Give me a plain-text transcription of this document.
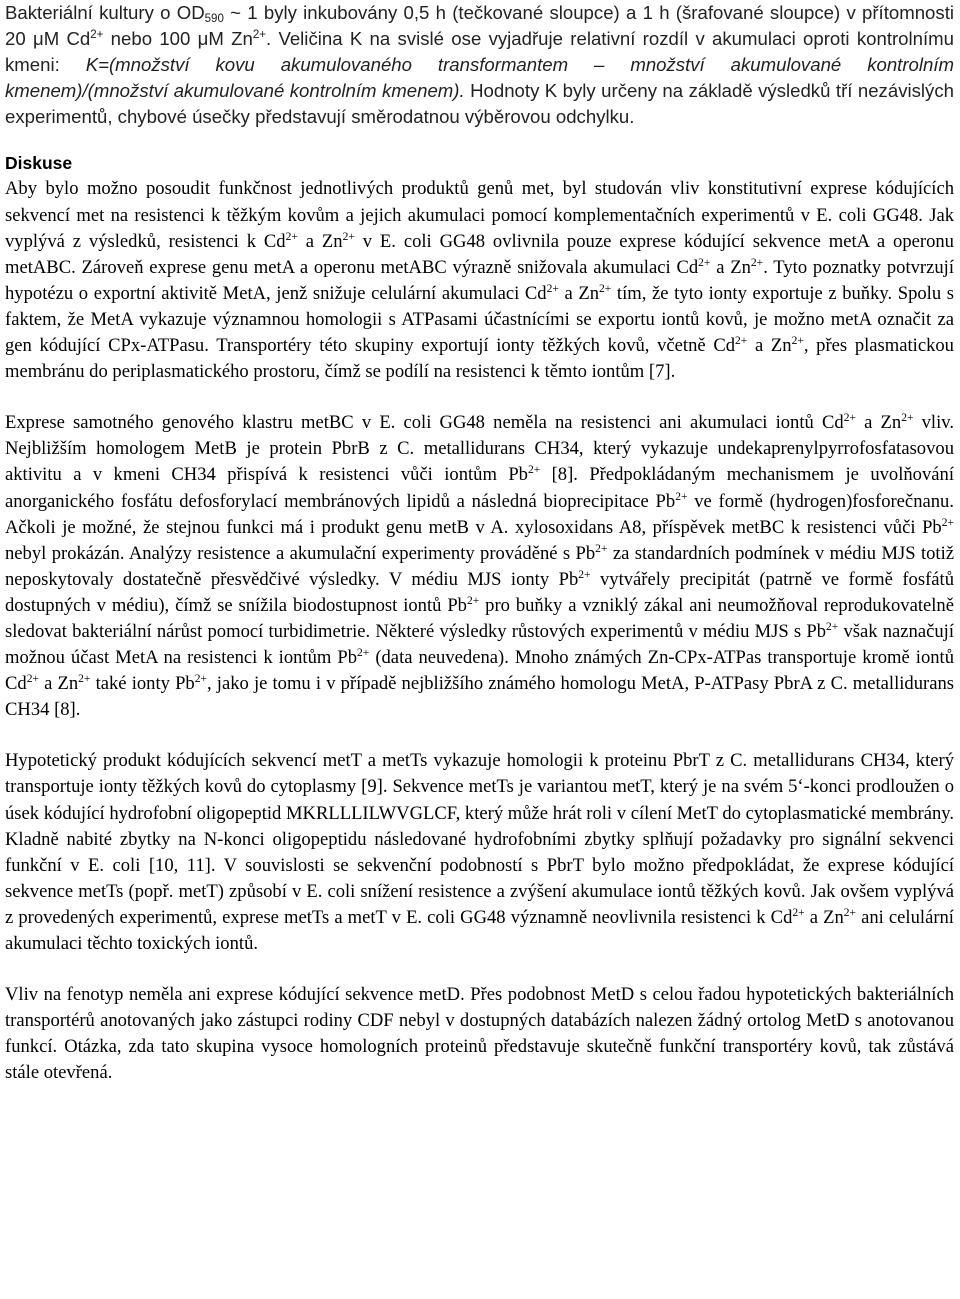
Bakteriální kultury o $OD_{590}$ ~ 1 byly inkubovány 0,5 h (tečkované sloupce) a 1 h (šrafované sloupce) v přítomnosti 20 μM $Cd^{2+}$ nebo 100 μM $Zn^{2+}$. Veličina K na svislé ose vyjadřuje relativní rozdíl v akumulaci oproti kontrolnímu kmeni: K=(množství kovu akumulovaného transformantem – množství akumulované kontrolním kmenem)/(množství akumulované kontrolním kmenem). Hodnoty K byly určeny na základě výsledků tří nezávislých experimentů, chybové úsečky představují směrodatnou výběrovou odchylku.

Diskuse

Aby bylo možno posoudit funkčnost jednotlivých produktů genů met, byl studován vliv konstitutivní exprese kódujících sekvencí met na resistenci k těžkým kovům a jejich akumulaci pomocí komplementačních experimentů v E. coli GG48. Jak vyplývá z výsledků, resistenci k $Cd^{2+}$ a $Zn^{2+}$ v E. coli GG48 ovlivnila pouze exprese kódující sekvence metA a operonu metABC. Zároveň exprese genu metA a operonu metABC výrazně snižovala akumulaci $Cd^{2+}$ a $Zn^{2+}$. Tyto poznatky potvrzují hypotézu o exportní aktivitě MetA, jenž snižuje celulární akumulaci $Cd^{2+}$ a $Zn^{2+}$ tím, že tyto ionty exportuje z buňky. Spolu s faktem, že MetA vykazuje významnou homologii s ATPasami účastnícími se exportu iontů kovů, je možno metA označit za gen kódující CPx-ATPasu. Transportéry této skupiny exportují ionty těžkých kovů, včetně $Cd^{2+}$ a $Zn^{2+}$, přes plasmatickou membránu do periplasmatického prostoru, čímž se podílí na resistenci k těmto iontům [7].

Exprese samotného genového klastru metBC v E. coli GG48 neměla na resistenci ani akumulaci iontů $Cd^{2+}$ a $Zn^{2+}$ vliv. Nejbližším homologem MetB je protein PbrB z C. metallidurans CH34, který vykazuje undekaprenylpyrrofosfatasovou aktivitu a v kmeni CH34 přispívá k resistenci vůči iontům $Pb^{2+}$ [8]. Předpokládaným mechanismem je uvolňování anorganického fosfátu defosforylací membránových lipidů a následná bioprecipitace $Pb^{2+}$ ve formě (hydrogen)fosforečnanu. Ačkoli je možné, že stejnou funkci má i produkt genu metB v A. xylosoxidans A8, příspěvek metBC k resistenci vůči $Pb^{2+}$ nebyl prokázán. Analýzy resistence a akumulační experimenty prováděné s $Pb^{2+}$ za standardních podmínek v médiu MJS totiž neposkytovaly dostatečně přesvědčivé výsledky. V médiu MJS ionty $Pb^{2+}$ vytvářely precipitát (patrně ve formě fosfátů dostupných v médiu), čímž se snížila biodostupnost iontů $Pb^{2+}$ pro buňky a vzniklý zákal ani neumožňoval reprodukovatelně sledovat bakteriální nárůst pomocí turbidimetrie. Některé výsledky růstových experimentů v médiu MJS s $Pb^{2+}$ však naznačují možnou účast MetA na resistenci k iontům $Pb^{2+}$ (data neuvedena). Mnoho známých Zn-CPx-ATPas transportuje kromě iontů $Cd^{2+}$ a $Zn^{2+}$ také ionty $Pb^{2+}$, jako je tomu i v případě nejbližšího známého homologu MetA, P-ATPasy PbrA z C. metallidurans CH34 [8].

Hypotetický produkt kódujících sekvencí metT a metTs vykazuje homologii k proteinu PbrT z C. metallidurans CH34, který transportuje ionty těžkých kovů do cytoplasmy [9]. Sekvence metTs je variantou metT, který je na svém 5‘-konci prodloužen o úsek kódující hydrofobní oligopeptid MKRLLLILWVGLCF, který může hrát roli v cílení MetT do cytoplasmatické membrány. Kladně nabité zbytky na N-konci oligopeptidu následované hydrofobními zbytky splňují požadavky pro signální sekvenci funkční v E. coli [10, 11]. V souvislosti se sekvenční podobností s PbrT bylo možno předpokládat, že exprese kódující sekvence metTs (popř. metT) způsobí v E. coli snížení resistence a zvýšení akumulace iontů těžkých kovů. Jak ovšem vyplývá z provedených experimentů, exprese metTs a metT v E. coli GG48 významně neovlivnila resistenci k $Cd^{2+}$ a $Zn^{2+}$ ani celulární akumulaci těchto toxických iontů.

Vliv na fenotyp neměla ani exprese kódující sekvence metD. Přes podobnost MetD s celou řadou hypotetických bakteriálních transportérů anotovaných jako zástupci rodiny CDF nebyl v dostupných databázích nalezen žádný ortolog MetD s anotovanou funkcí. Otázka, zda tato skupina vysoce homologních proteinů představuje skutečně funkční transportéry kovů, tak zůstává stále otevřená.
